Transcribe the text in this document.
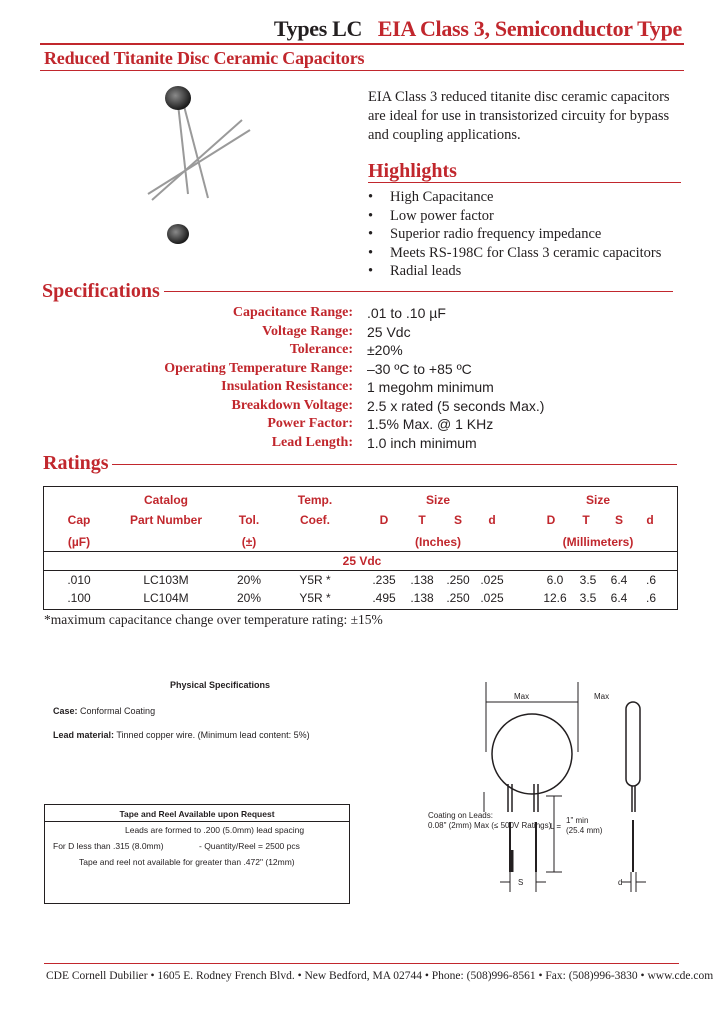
Types LC EIA Class 3, Semiconductor Type
Reduced Titanite Disc Ceramic Capacitors
EIA Class 3 reduced titanite disc ceramic capacitors are ideal for use in transistorized circuity for bypass and coupling applications.
Highlights
• High Capacitance
• Low power factor
• Superior radio frequency impedance
• Meets RS-198C for Class 3 ceramic capacitors
• Radial leads
Specifications
Capacitance Range:	.01 to .10 µF
Voltage Range:	25 Vdc
Tolerance:	±20%
Operating Temperature Range:	–30 ºC to +85 ºC
Insulation Resistance:	1 megohm minimum
Breakdown Voltage:	2.5 x rated (5 seconds Max.)
Power Factor:	1.5% Max. @ 1 KHz
Lead Length:	1.0 inch minimum
Ratings
Cap
(µF)
Catalog
Part Number	Tol.
(±)
Temp.
Coef.
Size	Size
D T S d	D T S d
(Inches)	(Millimeters)
25 Vdc
.010	LC103M	20%	Y5R *	.235 .138 .250 .025	6.0 3.5 6.4 .6
.100	LC104M	20%	Y5R *	.495 .138 .250 .025	12.6 3.5 6.4 .6
*maximum capacitance change over temperature rating: ±15%
Physical Specifications
Case: Conformal Coating
Lead material: Tinned copper wire. (Minimum lead content: 5%)
Tape and Reel Available upon Request
Leads are formed to .200 (5.0mm) lead spacing
For D less than .315 (8.0mm)	- Quantity/Reel = 2500 pcs
Tape and reel not available for greater than .472" (12mm)
Max	Max
Coating on Leads:
0.08" (2mm) Max (≤ 500V Ratings)
1" min
(25.4 mm)
L =
S	d
CDE Cornell Dubilier • 1605 E. Rodney French Blvd. • New Bedford, MA 02744 • Phone: (508)996-8561 • Fax: (508)996-3830 • www.cde.com
